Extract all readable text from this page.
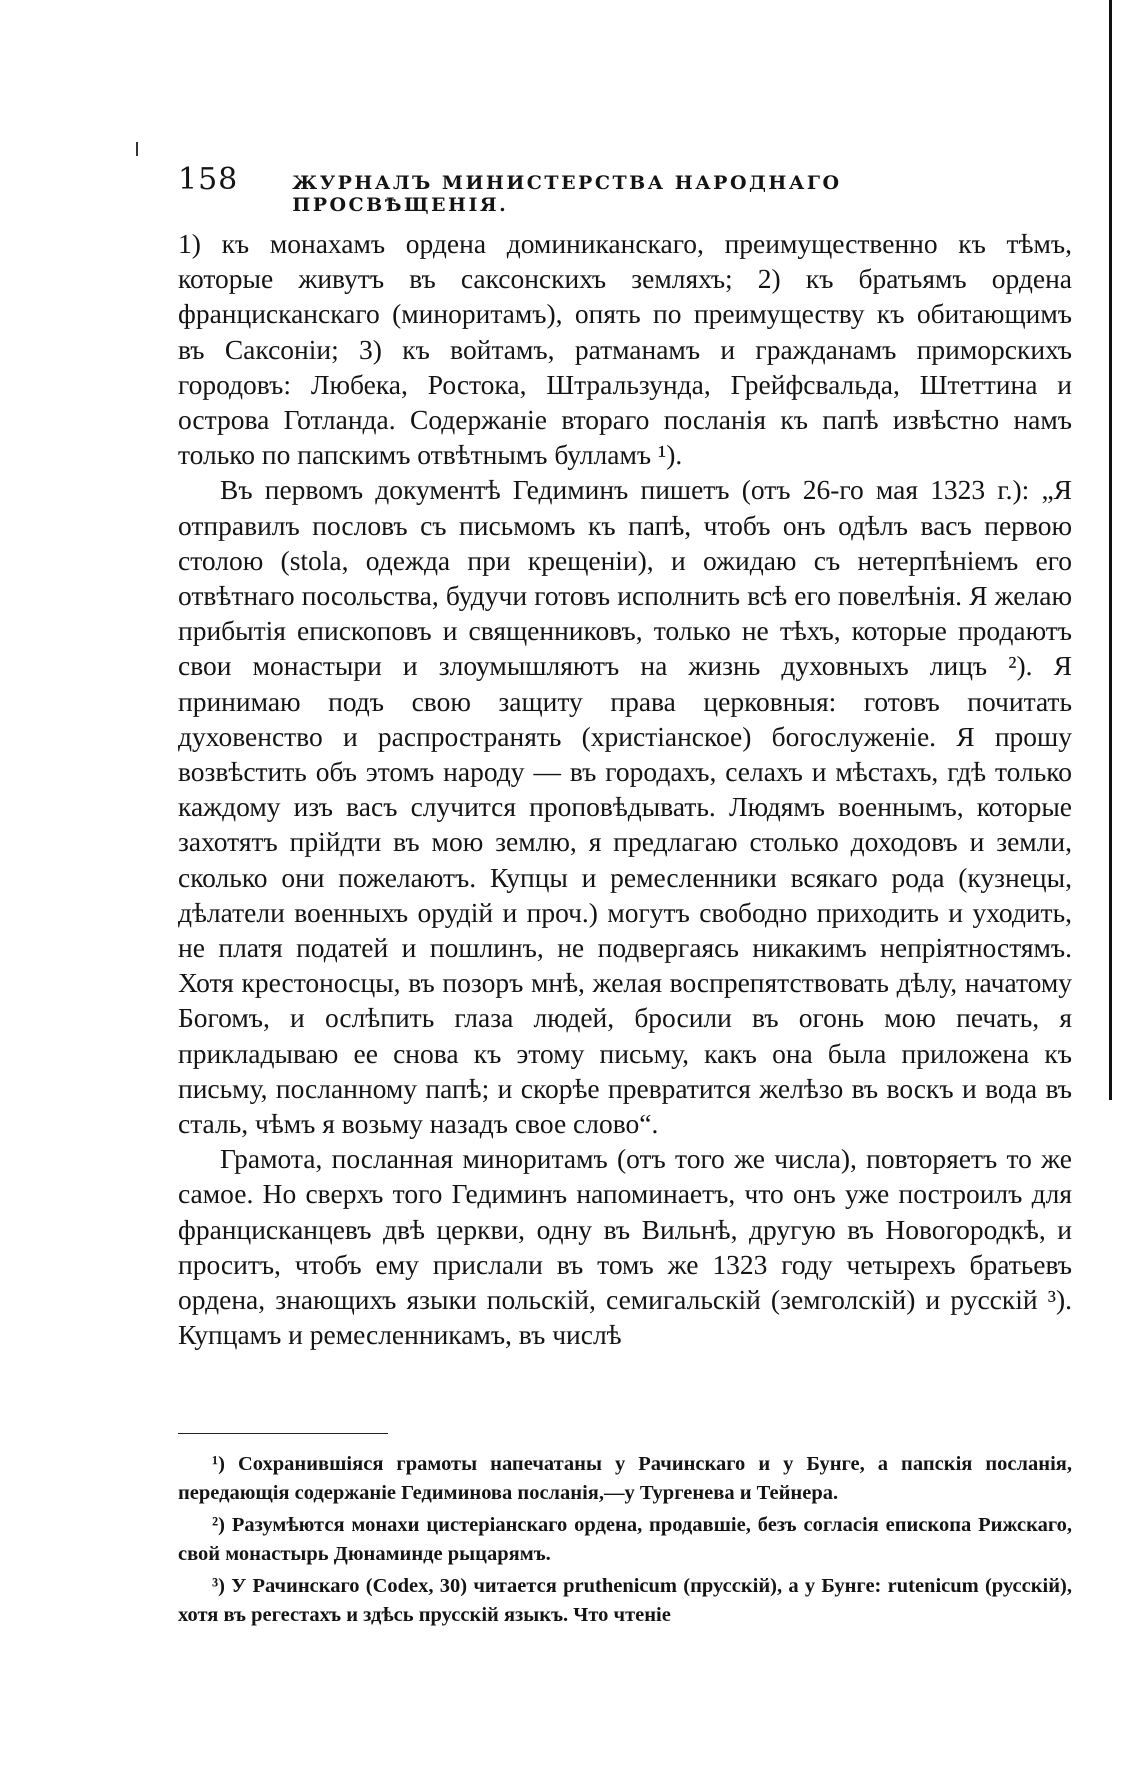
158	ЖУРНАЛЪ МИНИСТЕРСТВА НАРОДНАГО ПРОСВѢЩЕНІЯ.

1) къ монахамъ ордена доминиканскаго, преимущественно къ тѣмъ, которые живутъ въ саксонскихъ земляхъ; 2) къ братьямъ ордена францисканскаго (миноритамъ), опять по преимуществу къ обитающимъ въ Саксоніи; 3) къ войтамъ, ратманамъ и гражданамъ приморскихъ городовъ: Любека, Ростока, Штральзунда, Грейфсвальда, Штеттина и острова Готланда. Содержаніе втораго посланія къ папѣ извѣстно намъ только по папскимъ отвѣтнымъ булламъ ¹).

Въ первомъ документѣ Гедиминъ пишетъ (отъ 26-го мая 1323 г.): „Я отправилъ пословъ съ письмомъ къ папѣ, чтобъ онъ одѣлъ васъ первою столою (stola, одежда при крещеніи), и ожидаю съ нетерпѣніемъ его отвѣтнаго посольства, будучи готовъ исполнить всѣ его повелѣнія. Я желаю прибытія епископовъ и священниковъ, только не тѣхъ, которые продаютъ свои монастыри и злоумышляютъ на жизнь духовныхъ лицъ ²). Я принимаю подъ свою защиту права церковныя: готовъ почитать духовенство и распространять (христіанское) богослуженіе. Я прошу возвѣстить объ этомъ народу — въ городахъ, селахъ и мѣстахъ, гдѣ только каждому изъ васъ случится проповѣдывать. Людямъ военнымъ, которые захотятъ прійдти въ мою землю, я предлагаю столько доходовъ и земли, сколько они пожелаютъ. Купцы и ремесленники всякаго рода (кузнецы, дѣлатели военныхъ орудій и проч.) могутъ свободно приходить и уходить, не платя податей и пошлинъ, не подвергаясь никакимъ непріятностямъ. Хотя крестоносцы, въ позоръ мнѣ, желая воспрепятствовать дѣлу, начатому Богомъ, и ослѣпить глаза людей, бросили въ огонь мою печать, я прикладываю ее снова къ этому письму, какъ она была приложена къ письму, посланному папѣ; и скорѣе превратится желѣзо въ воскъ и вода въ сталь, чѣмъ я возьму назадъ свое слово“.

Грамота, посланная миноритамъ (отъ того же числа), повторяетъ то же самое. Но сверхъ того Гедиминъ напоминаетъ, что онъ уже построилъ для францисканцевъ двѣ церкви, одну въ Вильнѣ, другую въ Новогородкѣ, и проситъ, чтобъ ему прислали въ томъ же 1323 году четырехъ братьевъ ордена, знающихъ языки польскій, семигальскій (земголскій) и русскій ³). Купцамъ и ремесленникамъ, въ числѣ

¹) Сохранившіяся грамоты напечатаны у Рачинскаго и у Бунге, а папскія посланія, передающія содержаніе Гедиминова посланія,—у Тургенева и Тейнера.

²) Разумѣются монахи цистеріанскаго ордена, продавшіе, безъ согласія епископа Рижскаго, свой монастырь Дюнаминде рыцарямъ.

³) У Рачинскаго (Codex, 30) читается pruthenicum (прусскій), а у Бунге: rutenicum (русскій), хотя въ регестахъ и здѣсь прусскій языкъ. Что чтеніе
